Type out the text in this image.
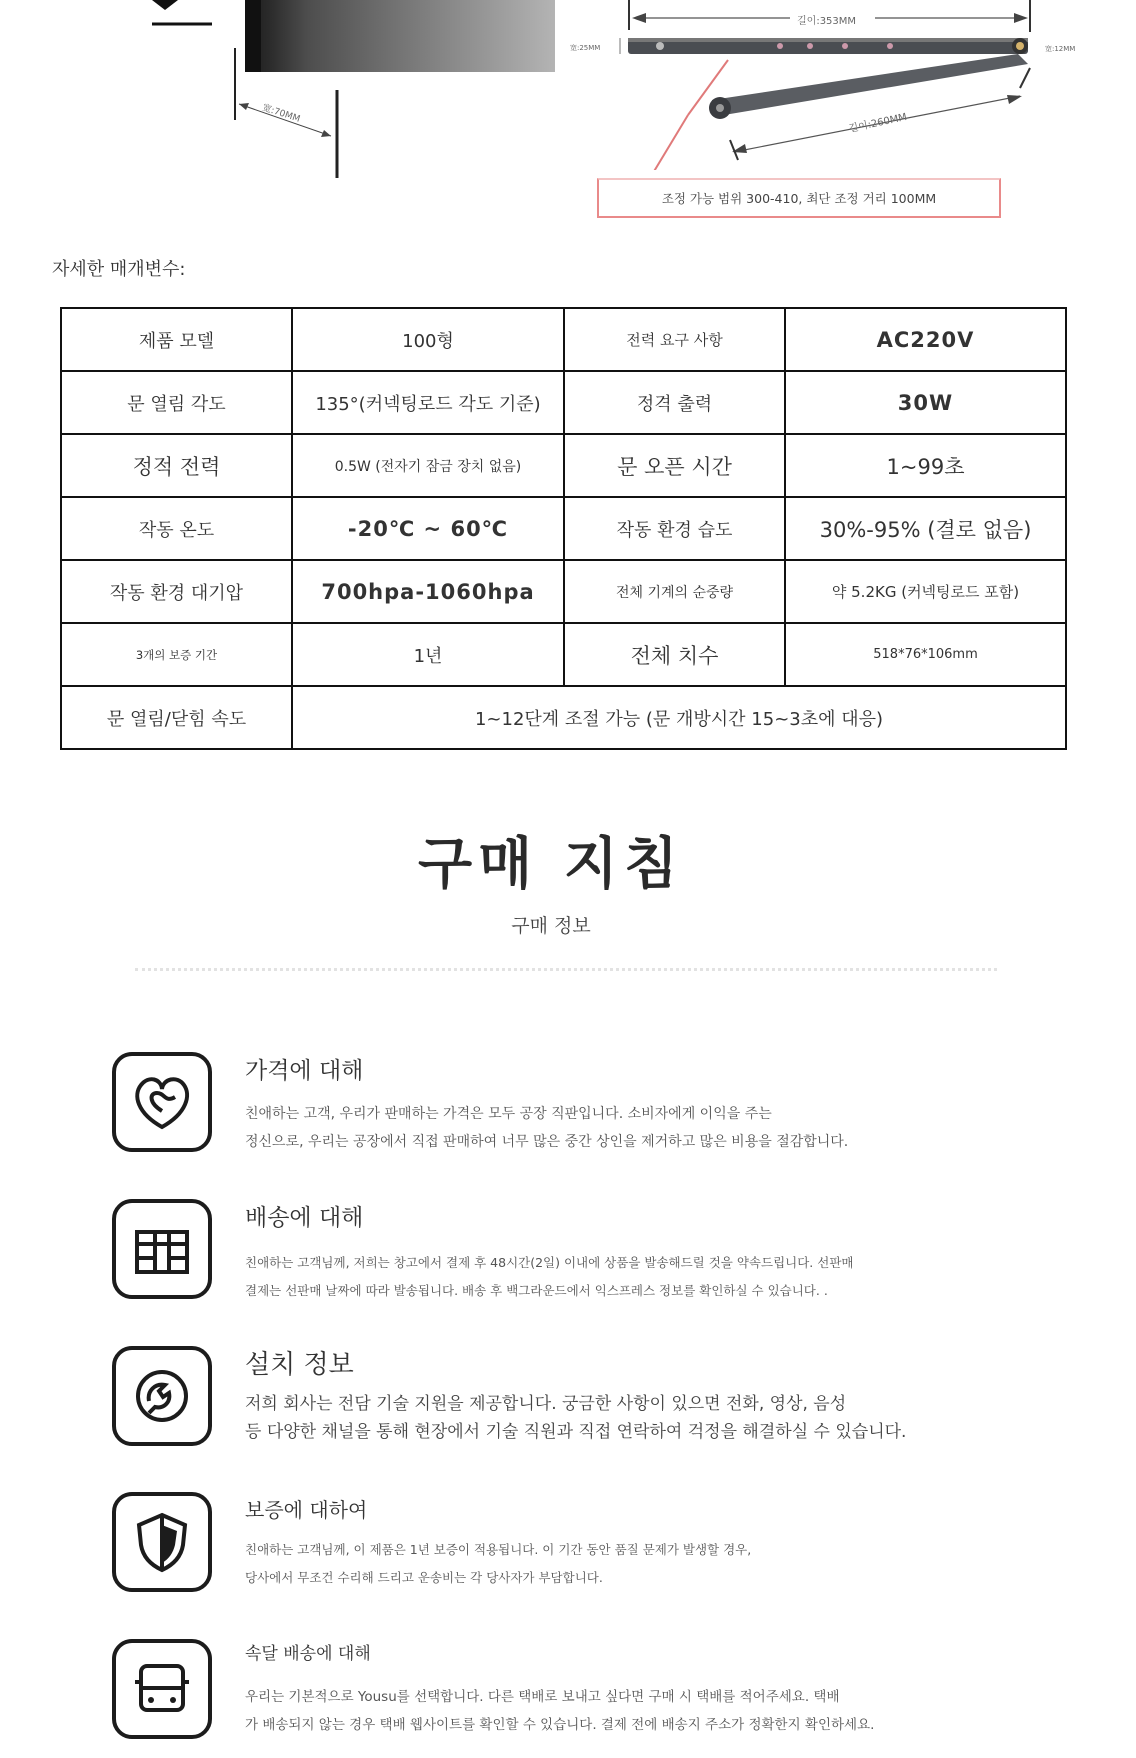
宽:70MM
길이:353MM
宽:25MM	宽:12MM
길이:260MM
조정 가능 범위 300-410, 최단 조정 거리 100MM
자세한 매개변수:
제품 모델	100형	전력 요구 사항	AC220V
문 열림 각도	135°(커넥팅로드 각도 기준)	정격 출력	30W
정적 전력	0.5W (전자기 잠금 장치 없음)	문 오픈 시간	1~99초
작동 온도	-20℃ ~ 60℃	작동 환경 습도	30%-95% (결로 없음)
작동 환경 대기압	700hpa-1060hpa	전체 기계의 순중량	약 5.2KG (커넥팅로드 포함)
3개의 보증 기간	1년	전체 치수	518*76*106mm
문 열림/닫힘 속도	1~12단계 조절 가능 (문 개방시간 15~3초에 대응)		
구매 지침
구매 정보
가격에 대해
친애하는 고객, 우리가 판매하는 가격은 모두 공장 직판입니다. 소비자에게 이익을 주는
정신으로, 우리는 공장에서 직접 판매하여 너무 많은 중간 상인을 제거하고 많은 비용을 절감합니다.
배송에 대해
친애하는 고객님께, 저희는 창고에서 결제 후 48시간(2일) 이내에 상품을 발송해드릴 것을 약속드립니다. 선판매
결제는 선판매 날짜에 따라 발송됩니다. 배송 후 백그라운드에서 익스프레스 정보를 확인하실 수 있습니다. .
설치 정보
저희 회사는 전담 기술 지원을 제공합니다. 궁금한 사항이 있으면 전화, 영상, 음성
등 다양한 채널을 통해 현장에서 기술 직원과 직접 연락하여 걱정을 해결하실 수 있습니다.
보증에 대하여
친애하는 고객님께, 이 제품은 1년 보증이 적용됩니다. 이 기간 동안 품질 문제가 발생할 경우,
당사에서 무조건 수리해 드리고 운송비는 각 당사자가 부담합니다.
속달 배송에 대해
우리는 기본적으로 Yousu를 선택합니다. 다른 택배로 보내고 싶다면 구매 시 택배를 적어주세요. 택배
가 배송되지 않는 경우 택배 웹사이트를 확인할 수 있습니다. 결제 전에 배송지 주소가 정확한지 확인하세요.
